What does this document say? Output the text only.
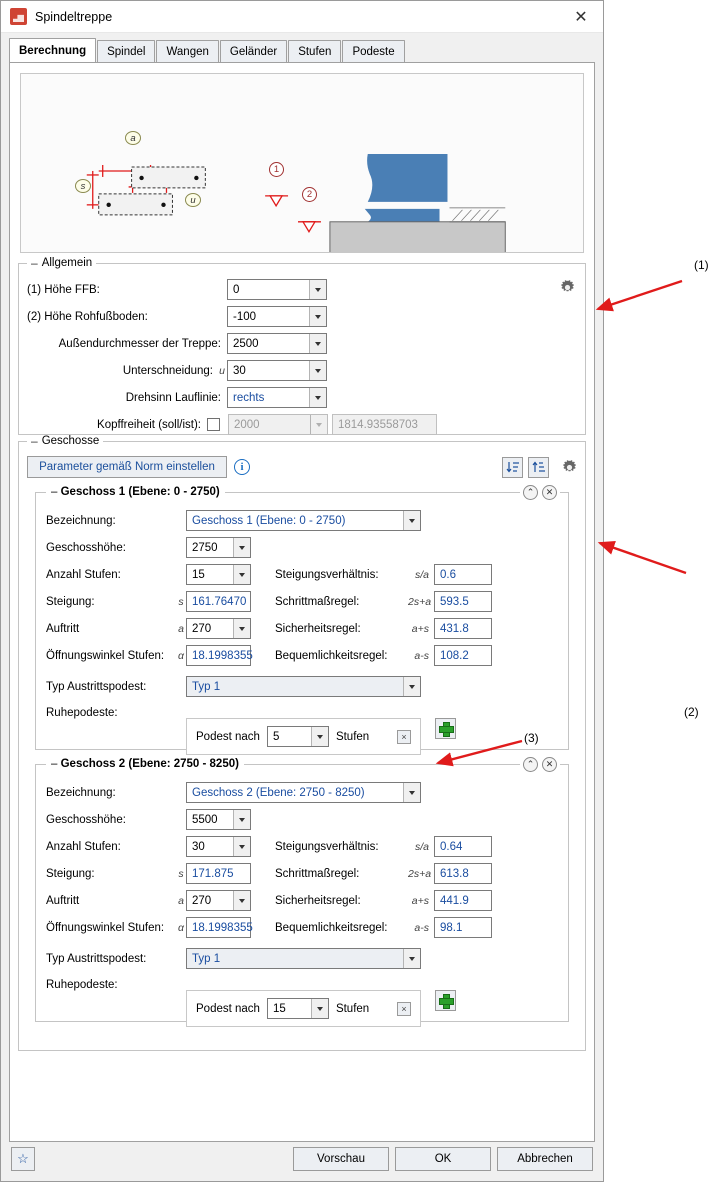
Spindeltreppe	✕
Berechnung	Spindel	Wangen	Geländer	Stufen	Podeste
a
s
u
1
2
– Allgemein
(1) Höhe FFB:	0
(2) Höhe Rohfußboden:	-100
Außendurchmesser der Treppe:	2500
Unterschneidung: u 30
Drehsinn Lauflinie:	rechts
Kopffreiheit (soll/ist):	2000	1814.93558703
– Geschosse
Parameter gemäß Norm einstellen	i
– Geschoss 1 (Ebene: 0 - 2750)	⌃	✕
Bezeichnung:	Geschoss 1 (Ebene: 0 - 2750)
Geschosshöhe:	2750
Anzahl Stufen:	15	Steigungsverhältnis:	s/a 0.6
Steigung:	s 161.76470	Schrittmaßregel:	2s+a 593.5
Auftritt	a 270	Sicherheitsregel:	a+s 431.8
Öffnungswinkel Stufen:	α 18.1998355 Bequemlichkeitsregel:	a-s 108.2
Typ Austrittspodest:	Typ 1
Ruhepodeste:
Podest nach 5	Stufen	×
– Geschoss 2 (Ebene: 2750 - 8250)	⌃	✕
Bezeichnung:	Geschoss 2 (Ebene: 2750 - 8250)
Geschosshöhe:	5500
Anzahl Stufen:	30	Steigungsverhältnis:	s/a 0.64
Steigung:	s 171.875	Schrittmaßregel:	2s+a 613.8
Auftritt	a 270	Sicherheitsregel:	a+s 441.9
Öffnungswinkel Stufen:	α 18.1998355 Bequemlichkeitsregel:	a-s 98.1
Typ Austrittspodest:	Typ 1
Ruhepodeste:
Podest nach 15	Stufen	×
☆	Vorschau	OK	Abbrechen
(1)
(2)
(3)
